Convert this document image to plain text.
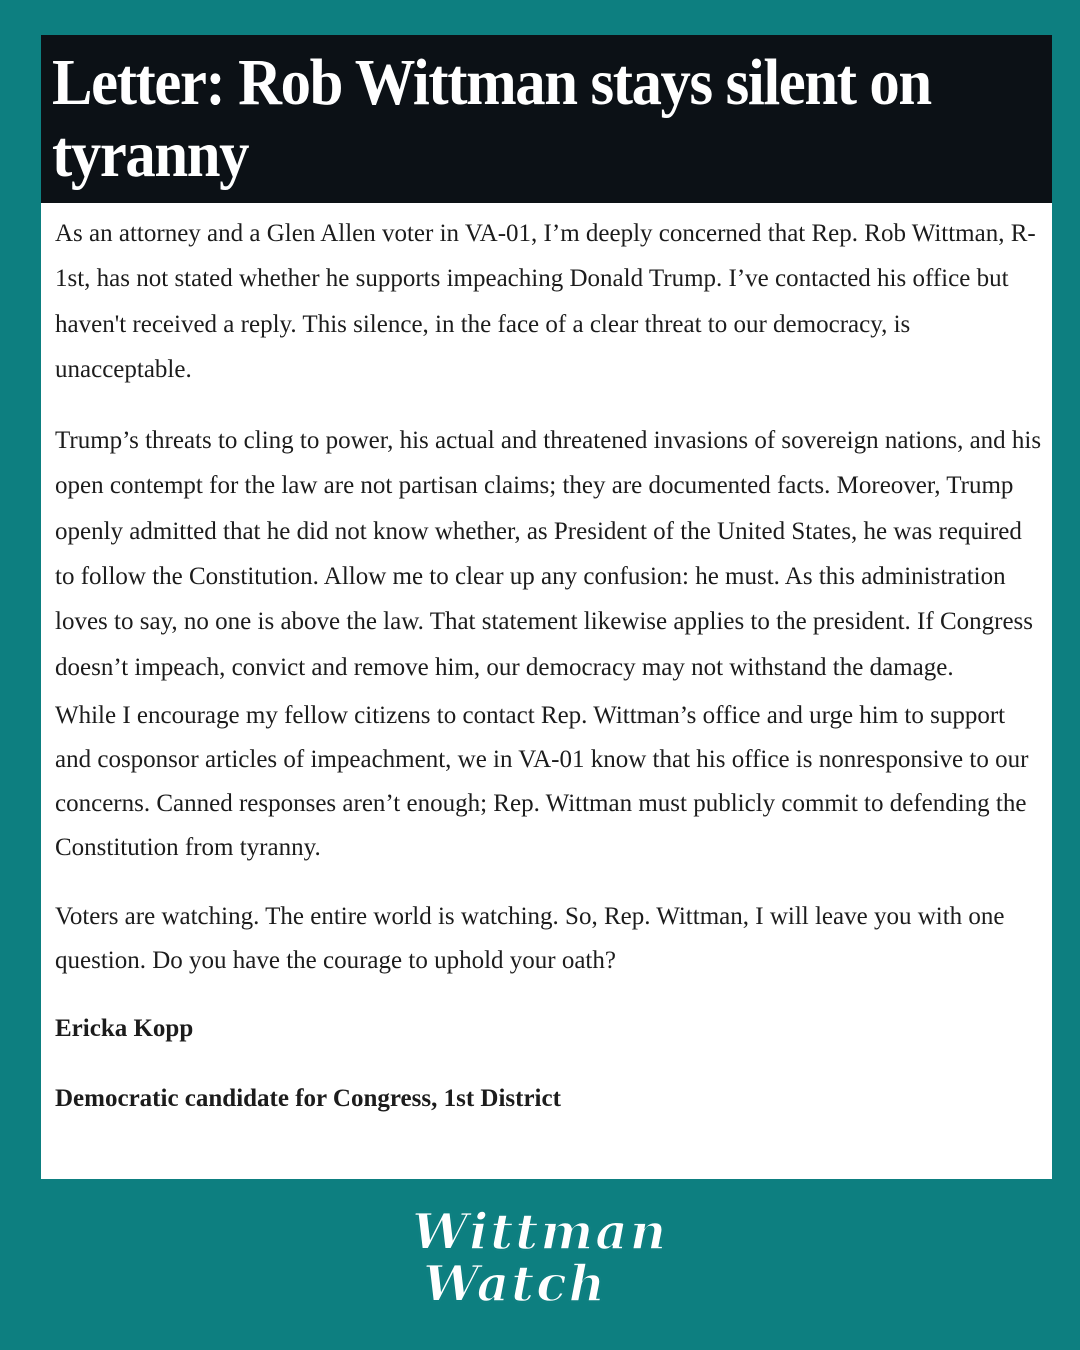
Letter: Rob Wittman stays silent on tyranny

As an attorney and a Glen Allen voter in VA-01, I’m deeply concerned that Rep. Rob Wittman, R-1st, has not stated whether he supports impeaching Donald Trump. I’ve contacted his office but haven't received a reply. This silence, in the face of a clear threat to our democracy, is unacceptable.

Trump’s threats to cling to power, his actual and threatened invasions of sovereign nations, and his open contempt for the law are not partisan claims; they are documented facts. Moreover, Trump openly admitted that he did not know whether, as President of the United States, he was required to follow the Constitution. Allow me to clear up any confusion: he must. As this administration loves to say, no one is above the law. That statement likewise applies to the president. If Congress doesn’t impeach, convict and remove him, our democracy may not withstand the damage.

While I encourage my fellow citizens to contact Rep. Wittman’s office and urge him to support and cosponsor articles of impeachment, we in VA-01 know that his office is nonresponsive to our concerns. Canned responses aren’t enough; Rep. Wittman must publicly commit to defending the Constitution from tyranny.

Voters are watching. The entire world is watching. So, Rep. Wittman, I will leave you with one question. Do you have the courage to uphold your oath?

Ericka Kopp

Democratic candidate for Congress, 1st District

Wittman
Watch
